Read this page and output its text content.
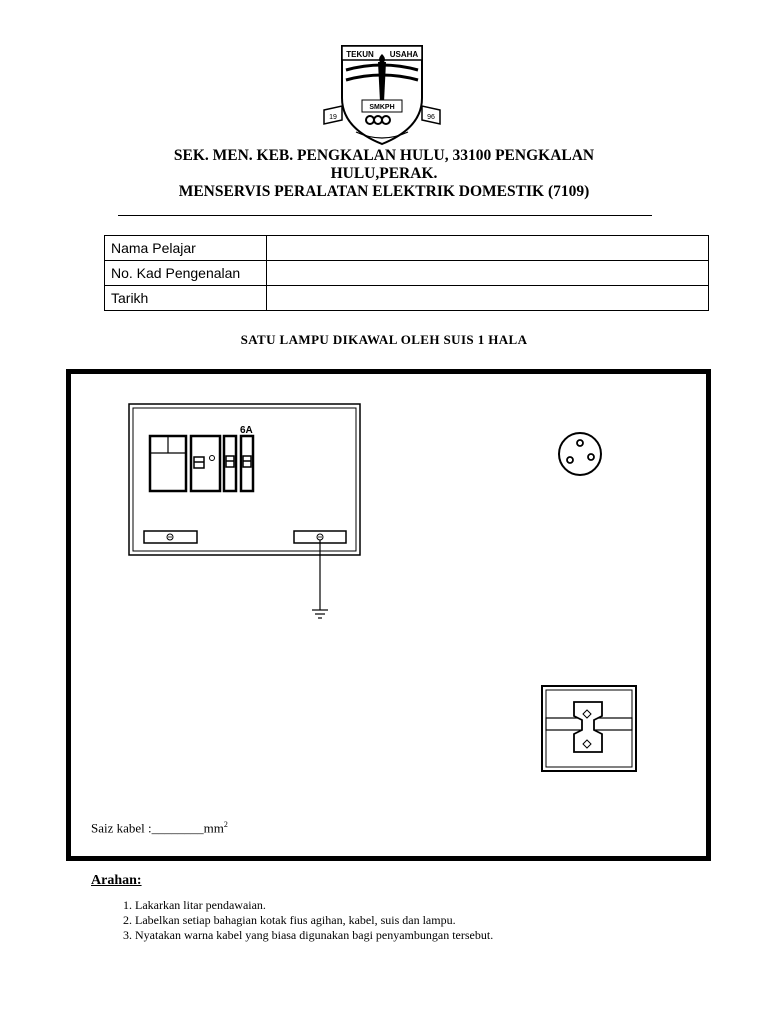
TEKUN USAHA
SMKPH
19	96
SEK. MEN. KEB. PENGKALAN HULU, 33100 PENGKALAN
HULU,PERAK.
MENSERVIS PERALATAN ELEKTRIK DOMESTIK (7109)
Nama Pelajar	
No. Kad Pengenalan	
Tarikh	
SATU LAMPU DIKAWAL OLEH SUIS 1 HALA
6A
Saiz kabel $:\_\_\_\_\_\_\_\_mm^2$
Arahan:
1. Lakarkan litar pendawaian.
2. Labelkan setiap bahagian kotak fius agihan, kabel, suis dan lampu.
3. Nyatakan warna kabel yang biasa digunakan bagi penyambungan tersebut.
